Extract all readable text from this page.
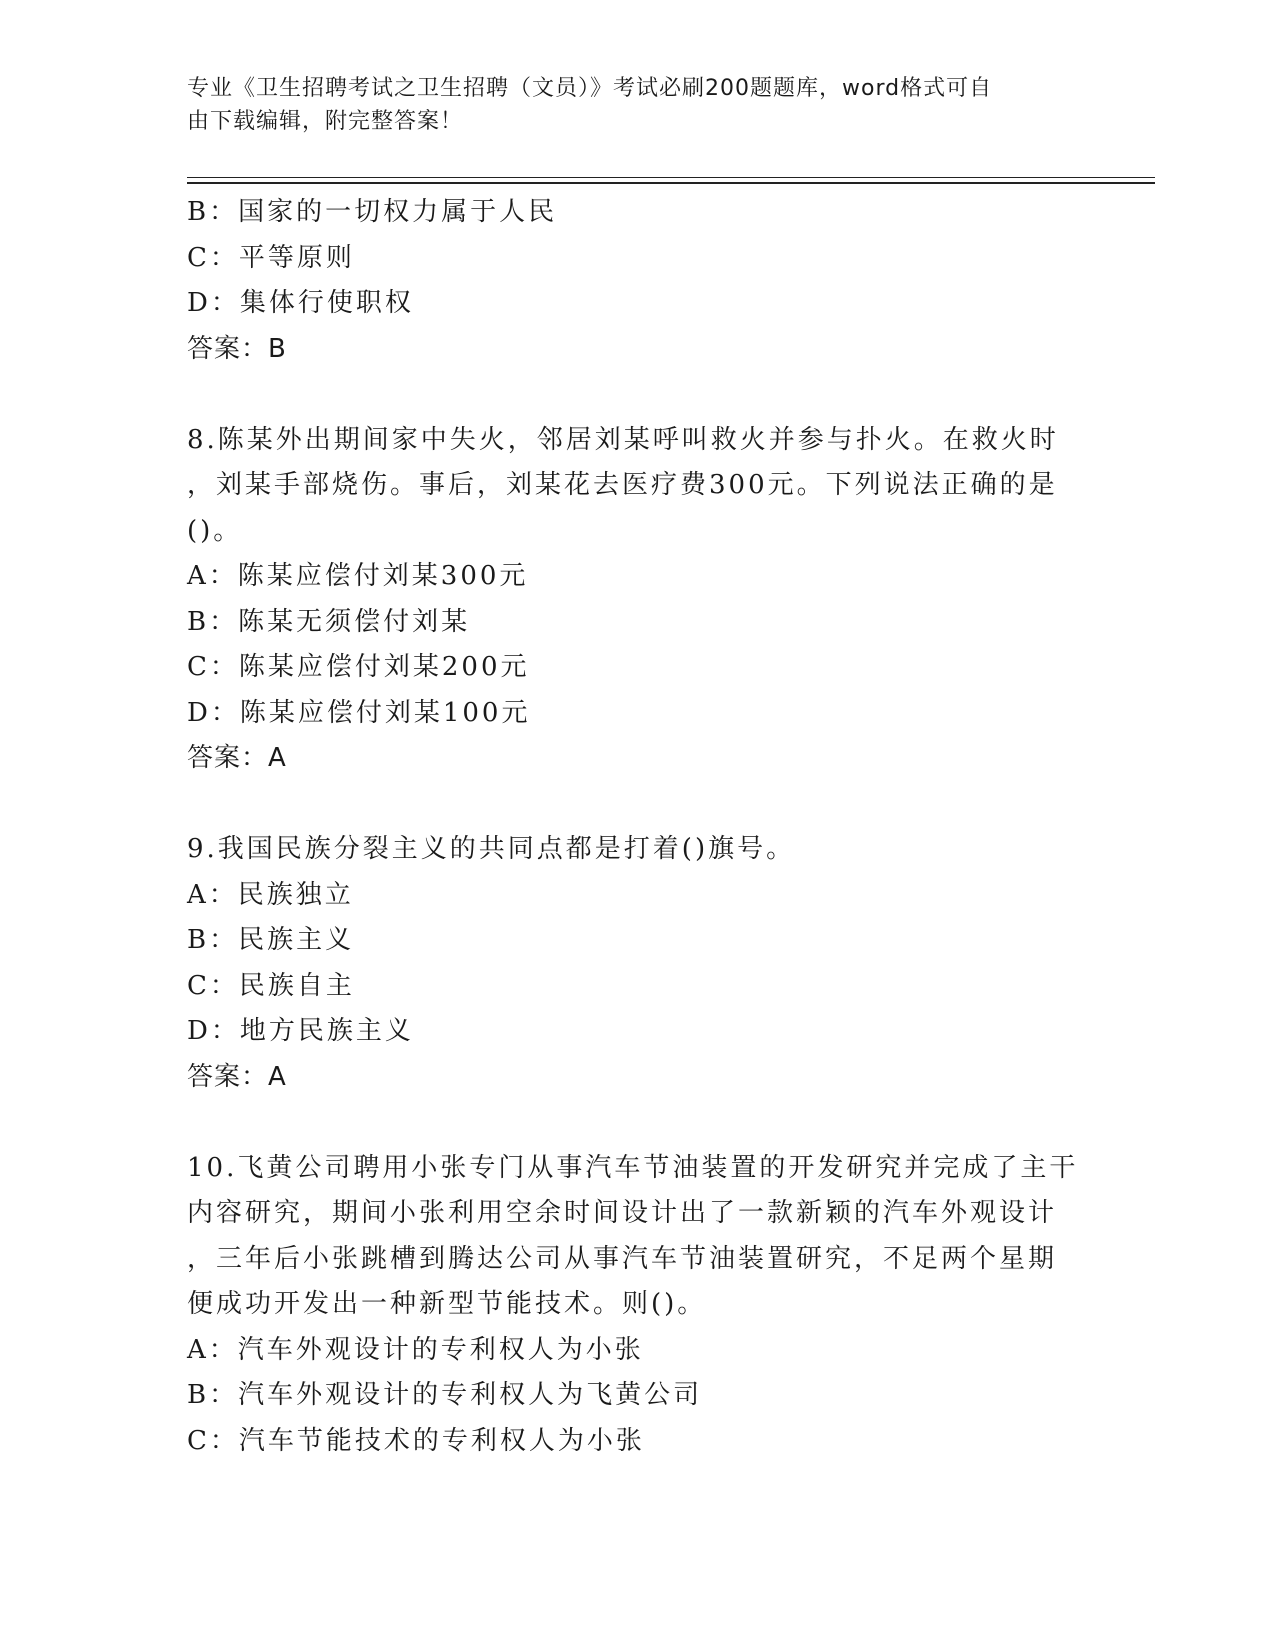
专业《卫生招聘考试之卫生招聘（文员）》考试必刷200题题库，word格式可自
由下载编辑，附完整答案！
B：国家的一切权力属于人民
C：平等原则
D：集体行使职权
答案：B
8.陈某外出期间家中失火，邻居刘某呼叫救火并参与扑火。在救火时
，刘某手部烧伤。事后，刘某花去医疗费300元。下列说法正确的是
()。
A：陈某应偿付刘某300元
B：陈某无须偿付刘某
C：陈某应偿付刘某200元
D：陈某应偿付刘某100元
答案：A
9.我国民族分裂主义的共同点都是打着()旗号。
A：民族独立
B：民族主义
C：民族自主
D：地方民族主义
答案：A
10.飞黄公司聘用小张专门从事汽车节油装置的开发研究并完成了主干
内容研究，期间小张利用空余时间设计出了一款新颖的汽车外观设计
，三年后小张跳槽到腾达公司从事汽车节油装置研究，不足两个星期
便成功开发出一种新型节能技术。则()。
A：汽车外观设计的专利权人为小张
B：汽车外观设计的专利权人为飞黄公司
C：汽车节能技术的专利权人为小张
